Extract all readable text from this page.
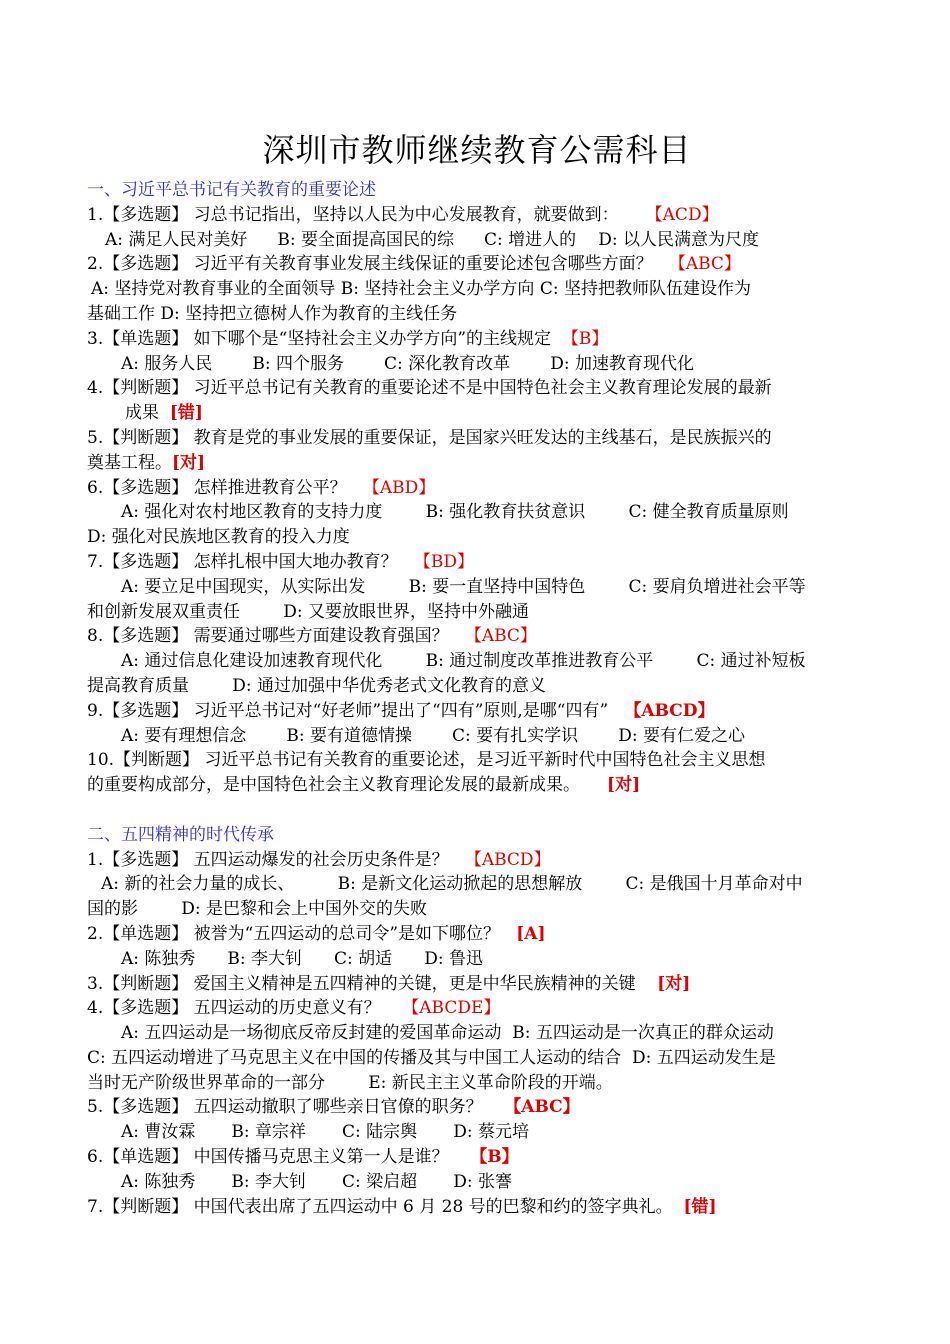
深圳市教师继续教育公需科目
一、习近平总书记有关教育的重要论述
1.【多选题】 习总书记指出，坚持以人民为中心发展教育，就要做到： 【ACD】
A: 满足人民对美好 B: 要全面提高国民的综 C: 增进人的 D: 以人民满意为尺度
2.【多选题】 习近平有关教育事业发展主线保证的重要论述包含哪些方面？ 【ABC】
A: 坚持党对教育事业的全面领导 B: 坚持社会主义办学方向 C: 坚持把教师队伍建设作为
基础工作 D: 坚持把立德树人作为教育的主线任务
3.【单选题】 如下哪个是“坚持社会主义办学方向”的主线规定 【B】
A: 服务人民 B: 四个服务 C: 深化教育改革 D: 加速教育现代化
4.【判断题】 习近平总书记有关教育的重要论述不是中国特色社会主义教育理论发展的最新
成果 [错]
5.【判断题】 教育是党的事业发展的重要保证，是国家兴旺发达的主线基石，是民族振兴的
奠基工程。[对]
6.【多选题】 怎样推进教育公平？ 【ABD】
A: 强化对农村地区教育的支持力度        B: 强化教育扶贫意识        C: 健全教育质量原则
D: 强化对民族地区教育的投入力度
7.【多选题】 怎样扎根中国大地办教育？ 【BD】
A: 要立足中国现实，从实际出发        B: 要一直坚持中国特色        C: 要肩负增进社会平等
和创新发展双重责任        D: 又要放眼世界，坚持中外融通
8.【多选题】 需要通过哪些方面建设教育强国？ 【ABC】
A: 通过信息化建设加速教育现代化        B: 通过制度改革推进教育公平        C: 通过补短板
提高教育质量        D: 通过加强中华优秀老式文化教育的意义
9.【多选题】 习近平总书记对“好老师”提出了“四有”原则,是哪“四有” 【ABCD】
A: 要有理想信念 B: 要有道德情操 C: 要有扎实学识 D: 要有仁爱之心
10.【判断题】 习近平总书记有关教育的重要论述，是习近平新时代中国特色社会主义思想
的重要构成部分，是中国特色社会主义教育理论发展的最新成果。 [对]
二、五四精神的时代传承
1.【多选题】 五四运动爆发的社会历史条件是？ 【ABCD】
A: 新的社会力量的成长、        B: 是新文化运动掀起的思想解放        C: 是俄国十月革命对中
国的影        D: 是巴黎和会上中国外交的失败
2.【单选题】 被誉为“五四运动的总司令”是如下哪位？ [A]
A: 陈独秀 B: 李大钊 C: 胡适 D: 鲁迅
3.【判断题】 爱国主义精神是五四精神的关键，更是中华民族精神的关键 [对]
4.【多选题】 五四运动的历史意义有？ 【ABCDE】
A: 五四运动是一场彻底反帝反封建的爱国革命运动  B: 五四运动是一次真正的群众运动
C: 五四运动增进了马克思主义在中国的传播及其与中国工人运动的结合  D: 五四运动发生是
当时无产阶级世界革命的一部分        E: 新民主主义革命阶段的开端。
5.【多选题】 五四运动撤职了哪些亲日官僚的职务？ 【ABC】
A: 曹汝霖 B: 章宗祥 C: 陆宗舆 D: 蔡元培
6.【单选题】 中国传播马克思主义第一人是谁？ 【B】
A: 陈独秀 B: 李大钊 C: 梁启超 D: 张謇
7.【判断题】 中国代表出席了五四运动中 6 月 28 号的巴黎和约的签字典礼。 [错]
